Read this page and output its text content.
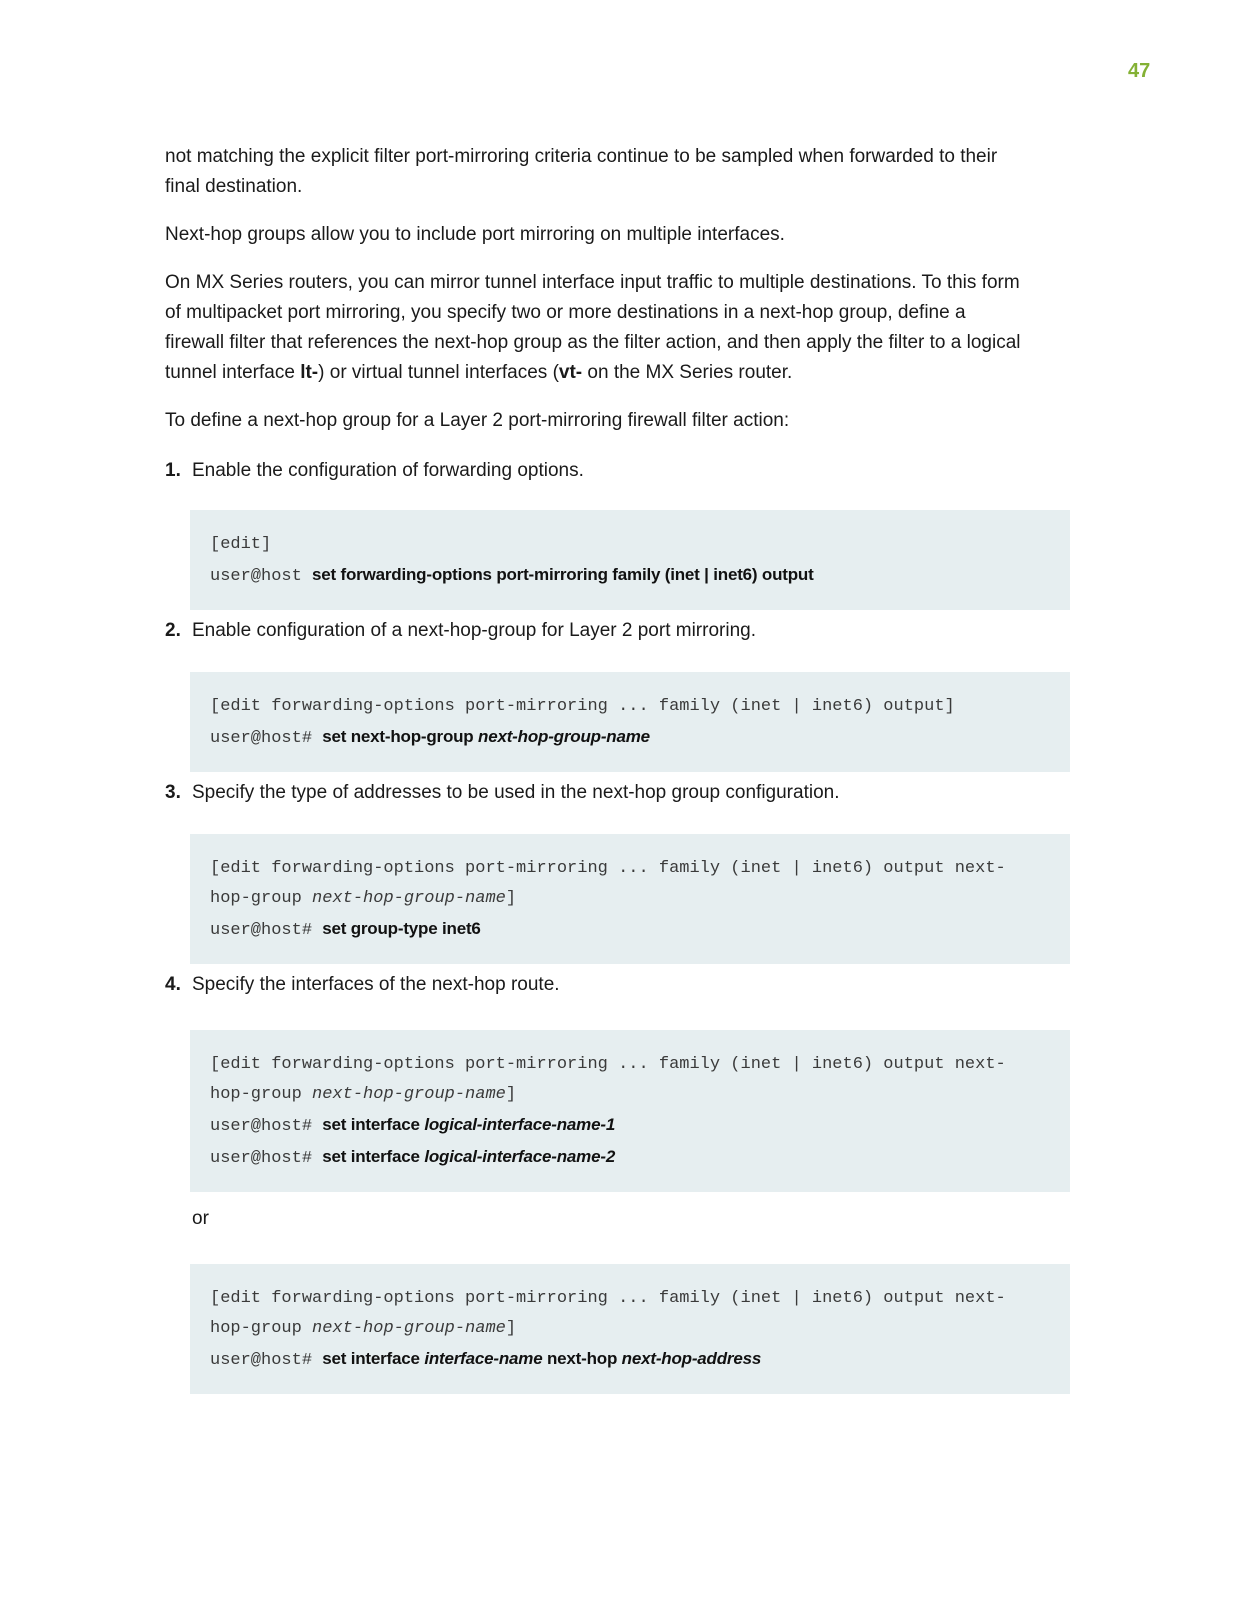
47

not matching the explicit filter port-mirroring criteria continue to be sampled when forwarded to their
final destination.

Next-hop groups allow you to include port mirroring on multiple interfaces.

On MX Series routers, you can mirror tunnel interface input traffic to multiple destinations. To this form
of multipacket port mirroring, you specify two or more destinations in a next-hop group, define a
firewall filter that references the next-hop group as the filter action, and then apply the filter to a logical
tunnel interface lt-) or virtual tunnel interfaces (vt- on the MX Series router.

To define a next-hop group for a Layer 2 port-mirroring firewall filter action:

1. Enable the configuration of forwarding options.
[edit]
user@host set forwarding-options port-mirroring family (inet | inet6) output
2. Enable configuration of a next-hop-group for Layer 2 port mirroring.
[edit forwarding-options port-mirroring ... family (inet | inet6) output]
user@host# set next-hop-group next-hop-group-name
3. Specify the type of addresses to be used in the next-hop group configuration.
[edit forwarding-options port-mirroring ... family (inet | inet6) output next-
hop-group next-hop-group-name]
user@host# set group-type inet6
4. Specify the interfaces of the next-hop route.
[edit forwarding-options port-mirroring ... family (inet | inet6) output next-
hop-group next-hop-group-name]
user@host# set interface logical-interface-name-1
user@host# set interface logical-interface-name-2
or
[edit forwarding-options port-mirroring ... family (inet | inet6) output next-
hop-group next-hop-group-name]
user@host# set interface interface-name next-hop next-hop-address
